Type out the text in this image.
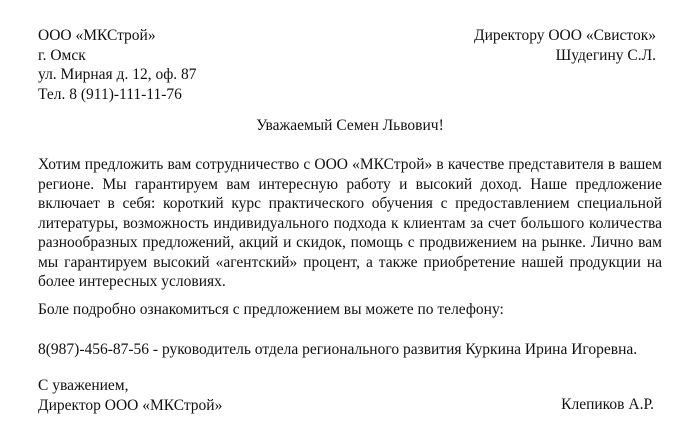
ООО «МКСтрой»
г. Омск
ул. Мирная д. 12, оф. 87
Тел. 8 (911)-111-11-76
Директору ООО «Свисток»
Шудегину С.Л.
Уважаемый Семен Львович!
Хотим предложить вам сотрудничество с ООО «МКСтрой» в качестве представителя в вашем регионе. Мы гарантируем вам интересную работу и высокий доход. Наше предложение включает в себя: короткий курс практического обучения с предоставлением специальной литературы, возможность индивидуального подхода к клиентам за счет большого количества разнообразных предложений, акций и скидок, помощь с продвижением на рынке. Лично вам мы гарантируем высокий «агентский» процент, а также приобретение нашей продукции на более интересных условиях.
Боле подробно ознакомиться с предложением вы можете по телефону:
8(987)-456-87-56 - руководитель отдела регионального развития Куркина Ирина Игоревна.
С уважением,
Директор ООО «МКСтрой»	Клепиков А.Р.
